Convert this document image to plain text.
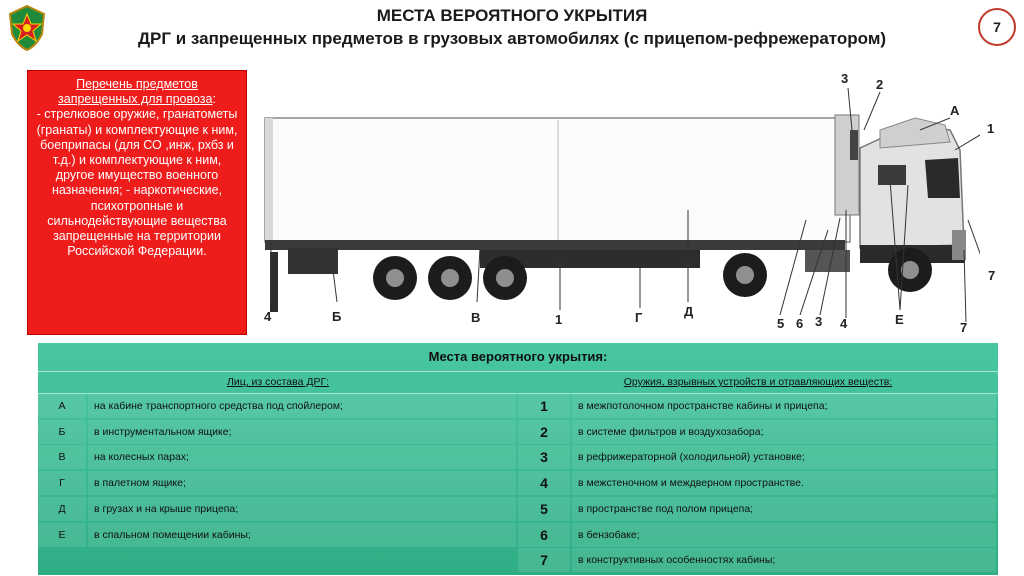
МЕСТА ВЕРОЯТНОГО УКРЫТИЯ
ДРГ и запрещенных предметов в грузовых автомобилях (с прицепом-рефрежератором)
7
Перечень предметов
запрещенных для провоза:
- стрелковое оружие, гранатометы (гранаты) и комплектующие к ним, боеприпасы (для СО ,инж, рхбз и т.д.) и комплектующие к ним, другое имущество военного назначения; - наркотические, психотропные и сильнодействующие вещества запрещенные на территории Российской Федерации.
4	Б	В	1	Г	Д
5 6 3 4	Е
7
7
3 2
А
1
Места вероятного укрытия:
Лиц, из состава ДРГ:	Оружия, взрывных устройств и отравляющих веществ:
А	на кабине транспортного средства под спойлером;
Б	в инструментальном ящике;
В	на колесных парах;
Г	в палетном ящике;
Д	в грузах и на крыше прицепа;
Е	в спальном помещении кабины;
1	в межпотолочном пространстве кабины и прицепа;
2	в системе фильтров и воздухозабора;
3	в рефрижераторной (холодильной) установке;
4	в межстеночном и междверном пространстве.
5	в пространстве под полом прицепа;
6	в бензобаке;
7	в конструктивных особенностях кабины;
